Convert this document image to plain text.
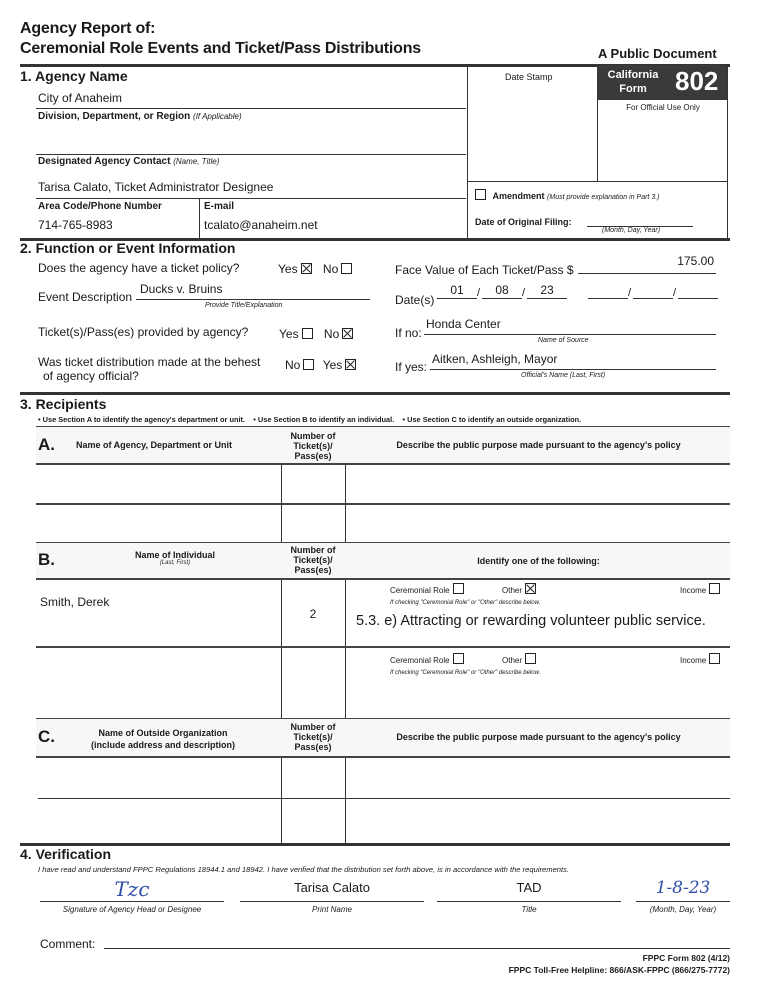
Agency Report of:
Ceremonial Role Events and Ticket/Pass Distributions	A Public Document
1. Agency Name
City of Anaheim
Division, Department, or Region (If Applicable)
Designated Agency Contact (Name, Title)
Tarisa Calato, Ticket Administrator Designee
Area Code/Phone Number
714-765-8983
E-mail
tcalato@anaheim.net
Date Stamp	California
Form	802
For Official Use Only
Amendment (Must provide explanation in Part 3.)
Date of Original Filing:
(Month, Day, Year)
2. Function or Event Information
Does the agency have a ticket policy?	Yes No
Event Description
Ducks v. Bruins
Provide Title/Explanation
Ticket(s)/Pass(es) provided by agency?	Yes No
Was ticket distribution made at the behest
of agency official?
No Yes
Face Value of Each Ticket/Pass $
175.00
Date(s)
01	/	08	/	23	/	/
If no:
Honda Center
Name of Source
If yes:
Aitken, Ashleigh, Mayor
Official's Name (Last, First)
3. Recipients
• Use Section A to identify the agency's department or unit.    • Use Section B to identify an individual.    • Use Section C to identify an outside organization.
A. Name of Agency, Department or Unit
Number of Ticket(s)/ Pass(es)
Describe the public purpose made pursuant to the agency's policy
B.	Name of Individual
(Last, First)
Number of Ticket(s)/ Pass(es)
Identify one of the following:
Smith, Derek
2
Ceremonial Role	Other	Income
If checking "Ceremonial Role" or "Other" describe below.
5.3. e) Attracting or rewarding volunteer public service.
Ceremonial Role	Other	Income
If checking "Ceremonial Role" or "Other" describe below.
C.	Name of Outside Organization
(include address and description)
Number of Ticket(s)/ Pass(es)
Describe the public purpose made pursuant to the agency's policy
4. Verification
I have read and understand FPPC Regulations 18944.1 and 18942. I have verified that the distribution set forth above, is in accordance with the requirements.
Tzc
Signature of Agency Head or Designee
Tarisa Calato
Print Name
TAD
Title
1-8-23
(Month, Day, Year)
Comment:
FPPC Form 802 (4/12)
FPPC Toll-Free Helpline: 866/ASK-FPPC (866/275-7772)
